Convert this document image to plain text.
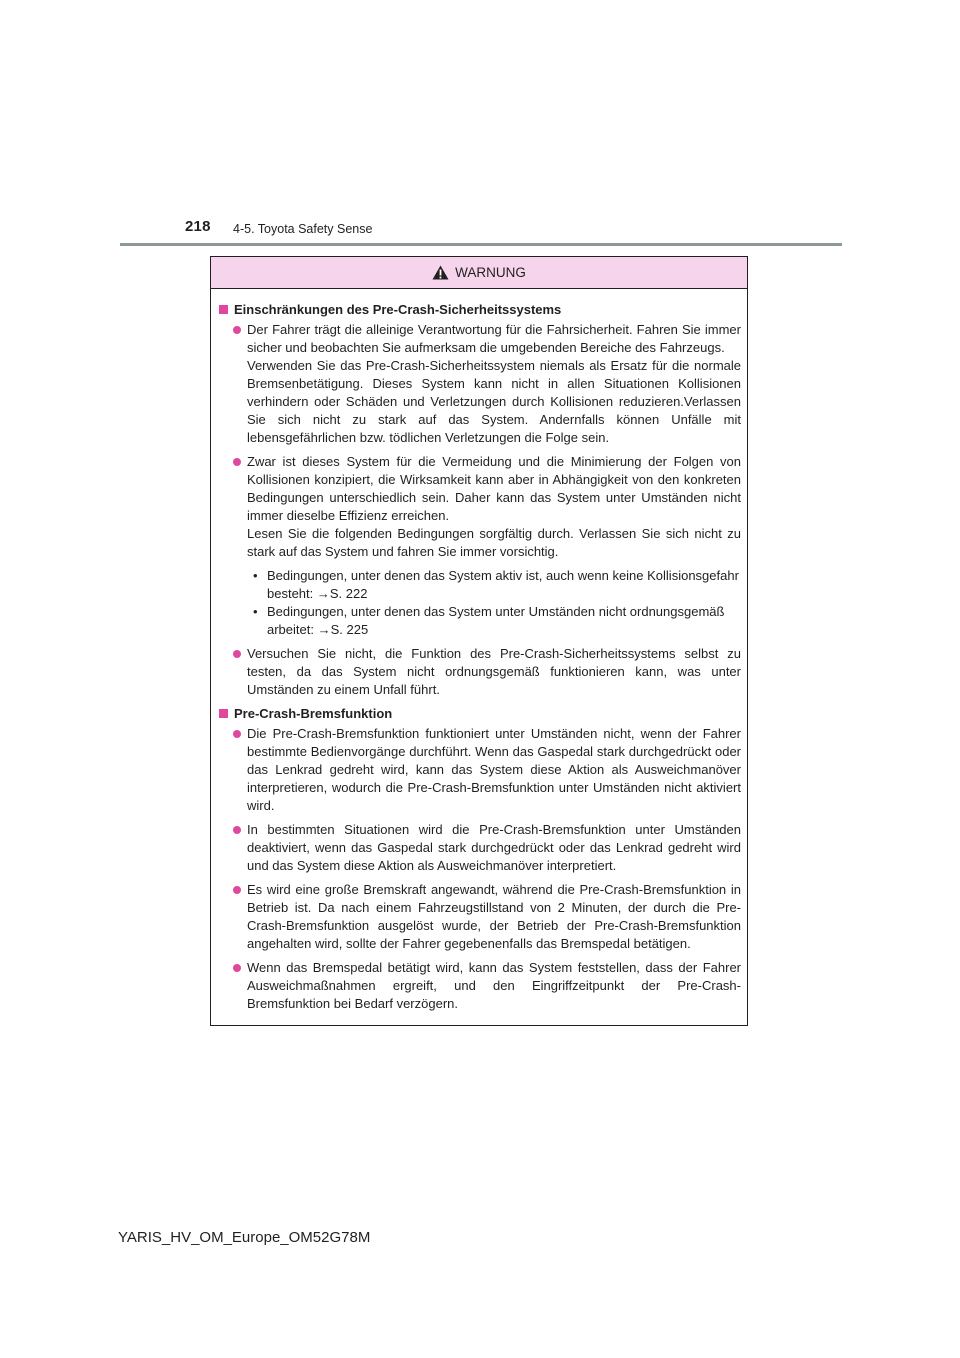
218 4-5. Toyota Safety Sense
WARNUNG
Einschränkungen des Pre-Crash-Sicherheitssystems
Der Fahrer trägt die alleinige Verantwortung für die Fahrsicherheit. Fahren Sie immer sicher und beobachten Sie aufmerksam die umgebenden Bereiche des Fahrzeugs.
Verwenden Sie das Pre-Crash-Sicherheitssystem niemals als Ersatz für die normale Bremsenbetätigung. Dieses System kann nicht in allen Situationen Kollisionen verhindern oder Schäden und Verletzungen durch Kollisionen reduzieren.Verlassen Sie sich nicht zu stark auf das System. Andernfalls können Unfälle mit lebensgefährlichen bzw. tödlichen Verletzungen die Folge sein.
Zwar ist dieses System für die Vermeidung und die Minimierung der Folgen von Kollisionen konzipiert, die Wirksamkeit kann aber in Abhängigkeit von den konkreten Bedingungen unterschiedlich sein. Daher kann das System unter Umständen nicht immer dieselbe Effizienz erreichen.
Lesen Sie die folgenden Bedingungen sorgfältig durch. Verlassen Sie sich nicht zu stark auf das System und fahren Sie immer vorsichtig.
• Bedingungen, unter denen das System aktiv ist, auch wenn keine Kollisionsgefahr besteht: →S. 222
• Bedingungen, unter denen das System unter Umständen nicht ordnungsgemäß arbeitet: →S. 225
Versuchen Sie nicht, die Funktion des Pre-Crash-Sicherheitssystems selbst zu testen, da das System nicht ordnungsgemäß funktionieren kann, was unter Umständen zu einem Unfall führt.
Pre-Crash-Bremsfunktion
Die Pre-Crash-Bremsfunktion funktioniert unter Umständen nicht, wenn der Fahrer bestimmte Bedienvorgänge durchführt. Wenn das Gaspedal stark durchgedrückt oder das Lenkrad gedreht wird, kann das System diese Aktion als Ausweichmanöver interpretieren, wodurch die Pre-Crash-Bremsfunktion unter Umständen nicht aktiviert wird.
In bestimmten Situationen wird die Pre-Crash-Bremsfunktion unter Umständen deaktiviert, wenn das Gaspedal stark durchgedrückt oder das Lenkrad gedreht wird und das System diese Aktion als Ausweichmanöver interpretiert.
Es wird eine große Bremskraft angewandt, während die Pre-Crash-Bremsfunktion in Betrieb ist. Da nach einem Fahrzeugstillstand von 2 Minuten, der durch die Pre-Crash-Bremsfunktion ausgelöst wurde, der Betrieb der Pre-Crash-Bremsfunktion angehalten wird, sollte der Fahrer gegebenenfalls das Bremspedal betätigen.
Wenn das Bremspedal betätigt wird, kann das System feststellen, dass der Fahrer Ausweichmaßnahmen ergreift, und den Eingriffzeitpunkt der Pre-Crash-Bremsfunktion bei Bedarf verzögern.
YARIS_HV_OM_Europe_OM52G78M
